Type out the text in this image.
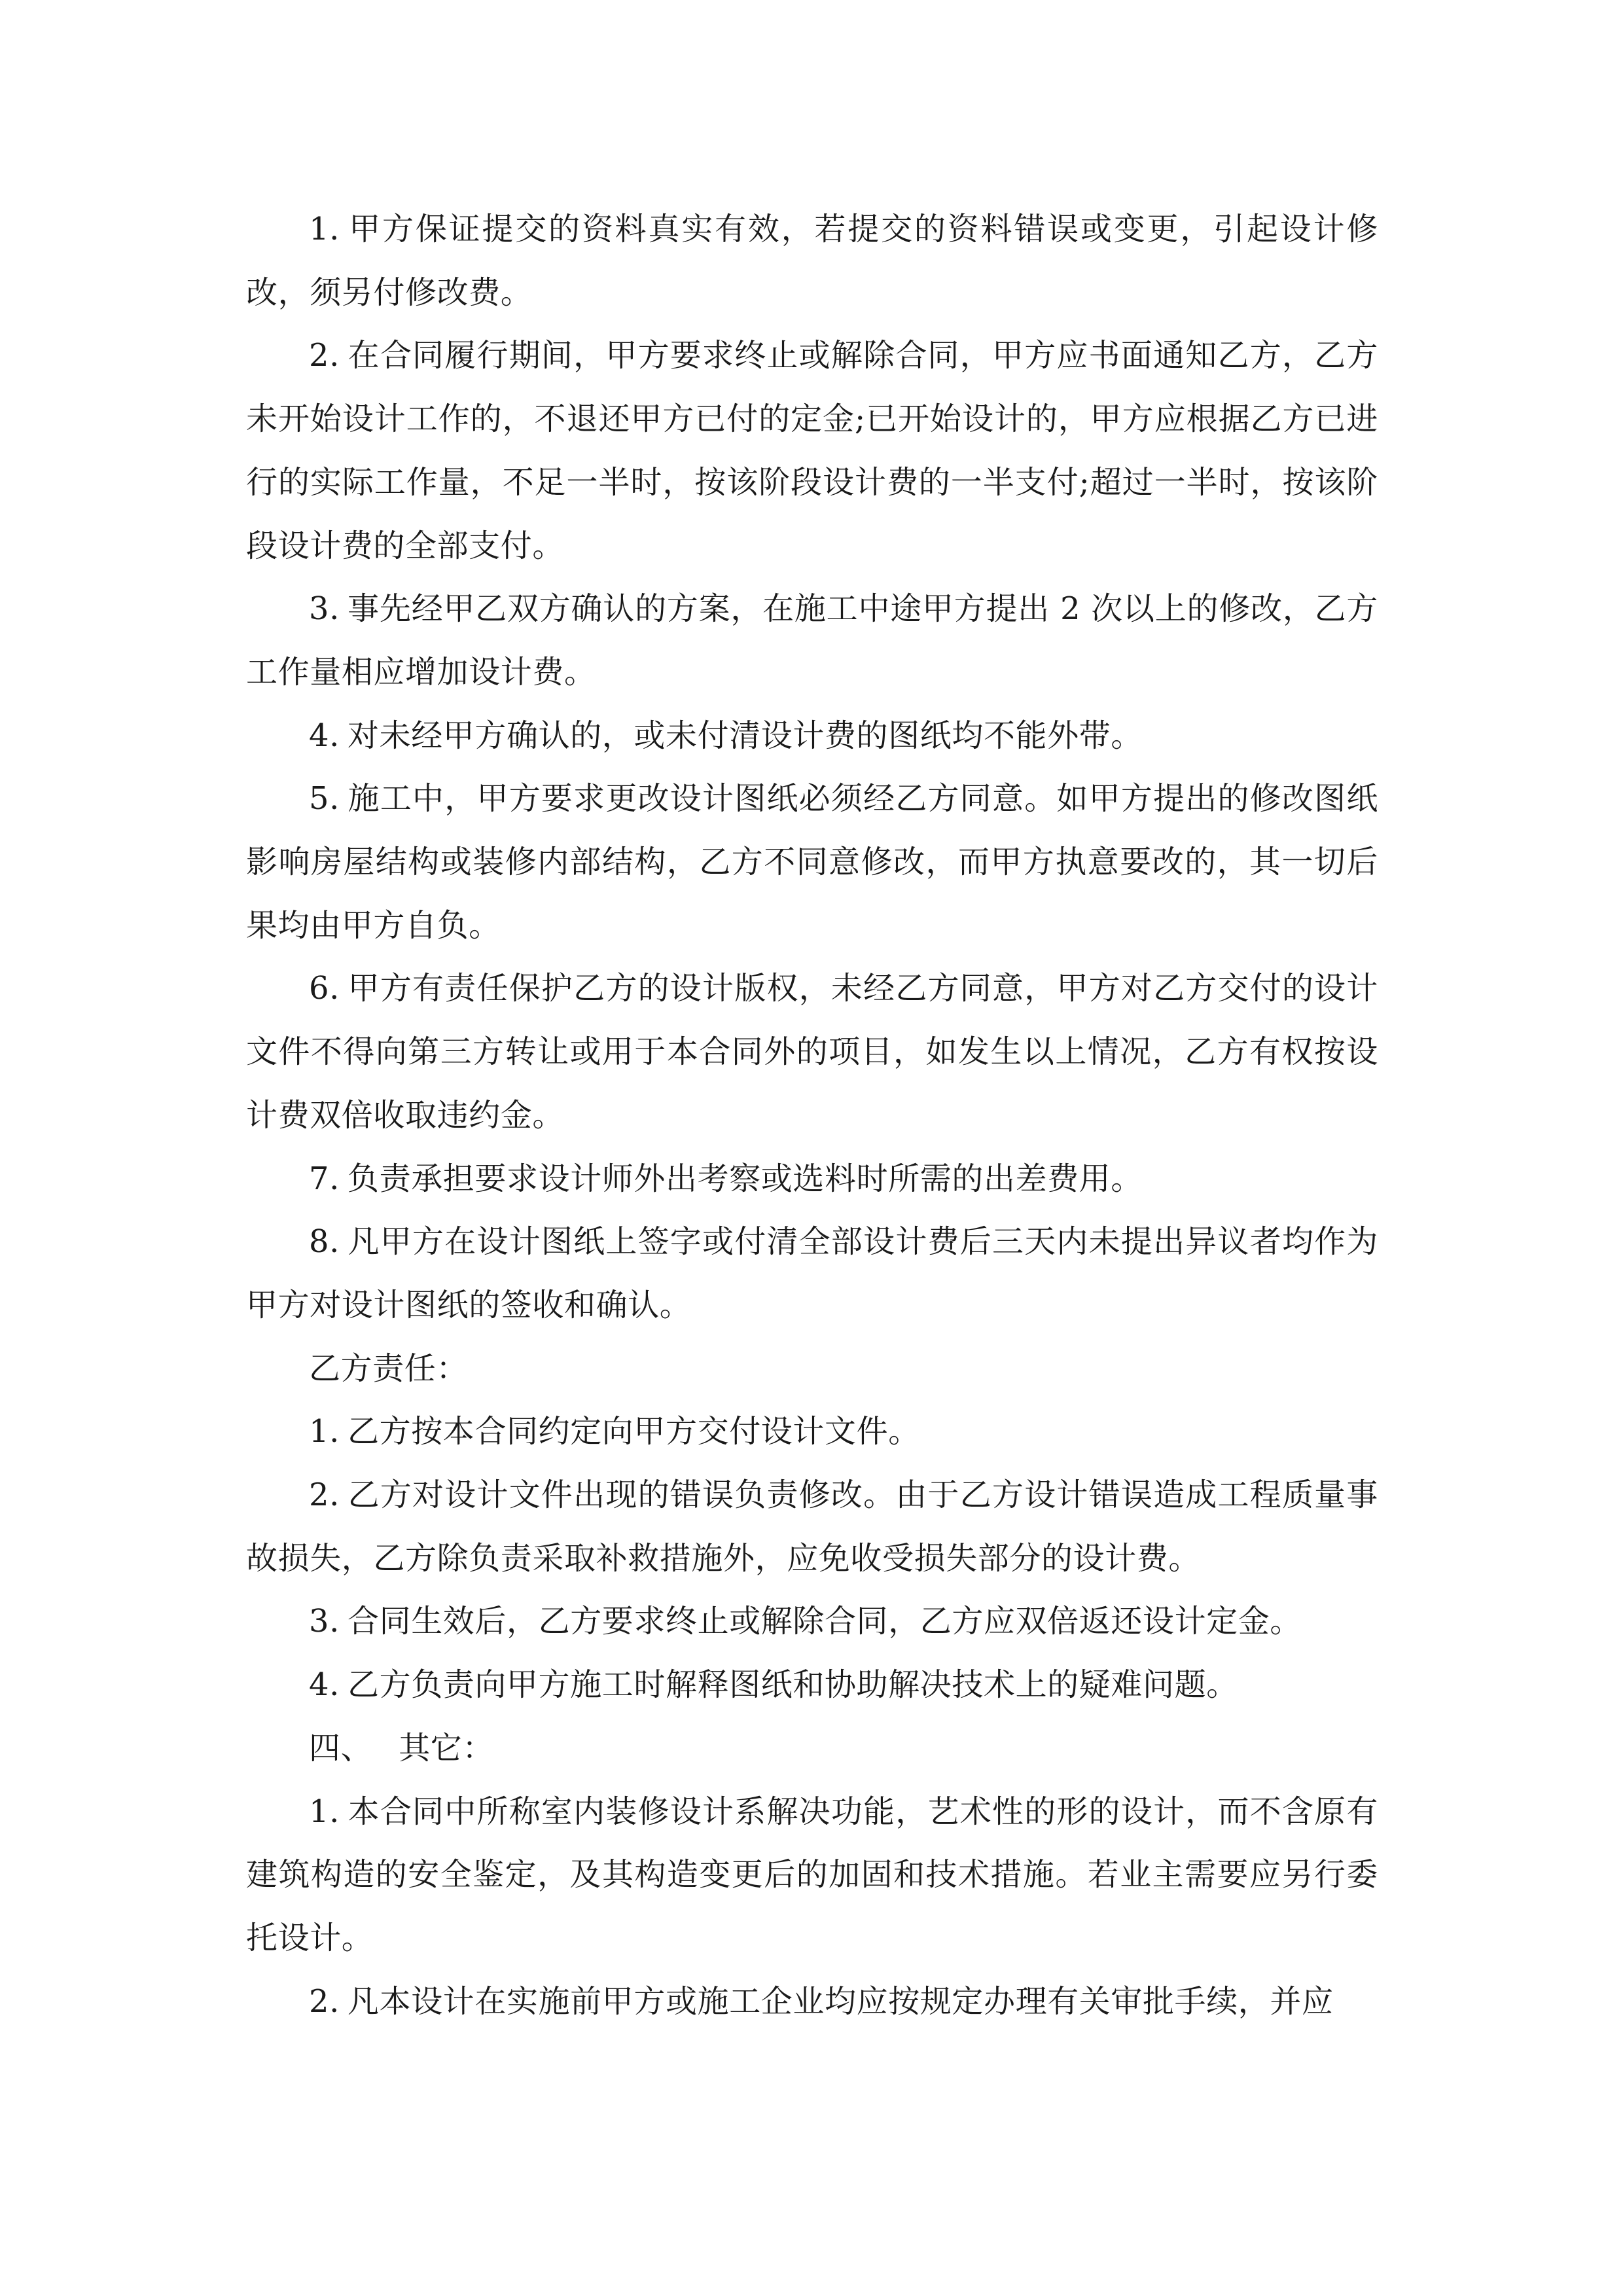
1. 甲方保证提交的资料真实有效，若提交的资料错误或变更，引起设计修改，须另付修改费。

2. 在合同履行期间，甲方要求终止或解除合同，甲方应书面通知乙方，乙方未开始设计工作的，不退还甲方已付的定金;已开始设计的，甲方应根据乙方已进行的实际工作量，不足一半时，按该阶段设计费的一半支付;超过一半时，按该阶段设计费的全部支付。

3. 事先经甲乙双方确认的方案，在施工中途甲方提出 2 次以上的修改，乙方工作量相应增加设计费。

4. 对未经甲方确认的，或未付清设计费的图纸均不能外带。

5. 施工中，甲方要求更改设计图纸必须经乙方同意。如甲方提出的修改图纸影响房屋结构或装修内部结构，乙方不同意修改，而甲方执意要改的，其一切后果均由甲方自负。

6. 甲方有责任保护乙方的设计版权，未经乙方同意，甲方对乙方交付的设计文件不得向第三方转让或用于本合同外的项目，如发生以上情况，乙方有权按设计费双倍收取违约金。

7. 负责承担要求设计师外出考察或选料时所需的出差费用。

8. 凡甲方在设计图纸上签字或付清全部设计费后三天内未提出异议者均作为甲方对设计图纸的签收和确认。

乙方责任：

1. 乙方按本合同约定向甲方交付设计文件。

2. 乙方对设计文件出现的错误负责修改。由于乙方设计错误造成工程质量事故损失，乙方除负责采取补救措施外，应免收受损失部分的设计费。

3. 合同生效后，乙方要求终止或解除合同，乙方应双倍返还设计定金。

4. 乙方负责向甲方施工时解释图纸和协助解决技术上的疑难问题。

四、 其它：

1. 本合同中所称室内装修设计系解决功能，艺术性的形的设计，而不含原有建筑构造的安全鉴定，及其构造变更后的加固和技术措施。若业主需要应另行委托设计。

2. 凡本设计在实施前甲方或施工企业均应按规定办理有关审批手续，并应
